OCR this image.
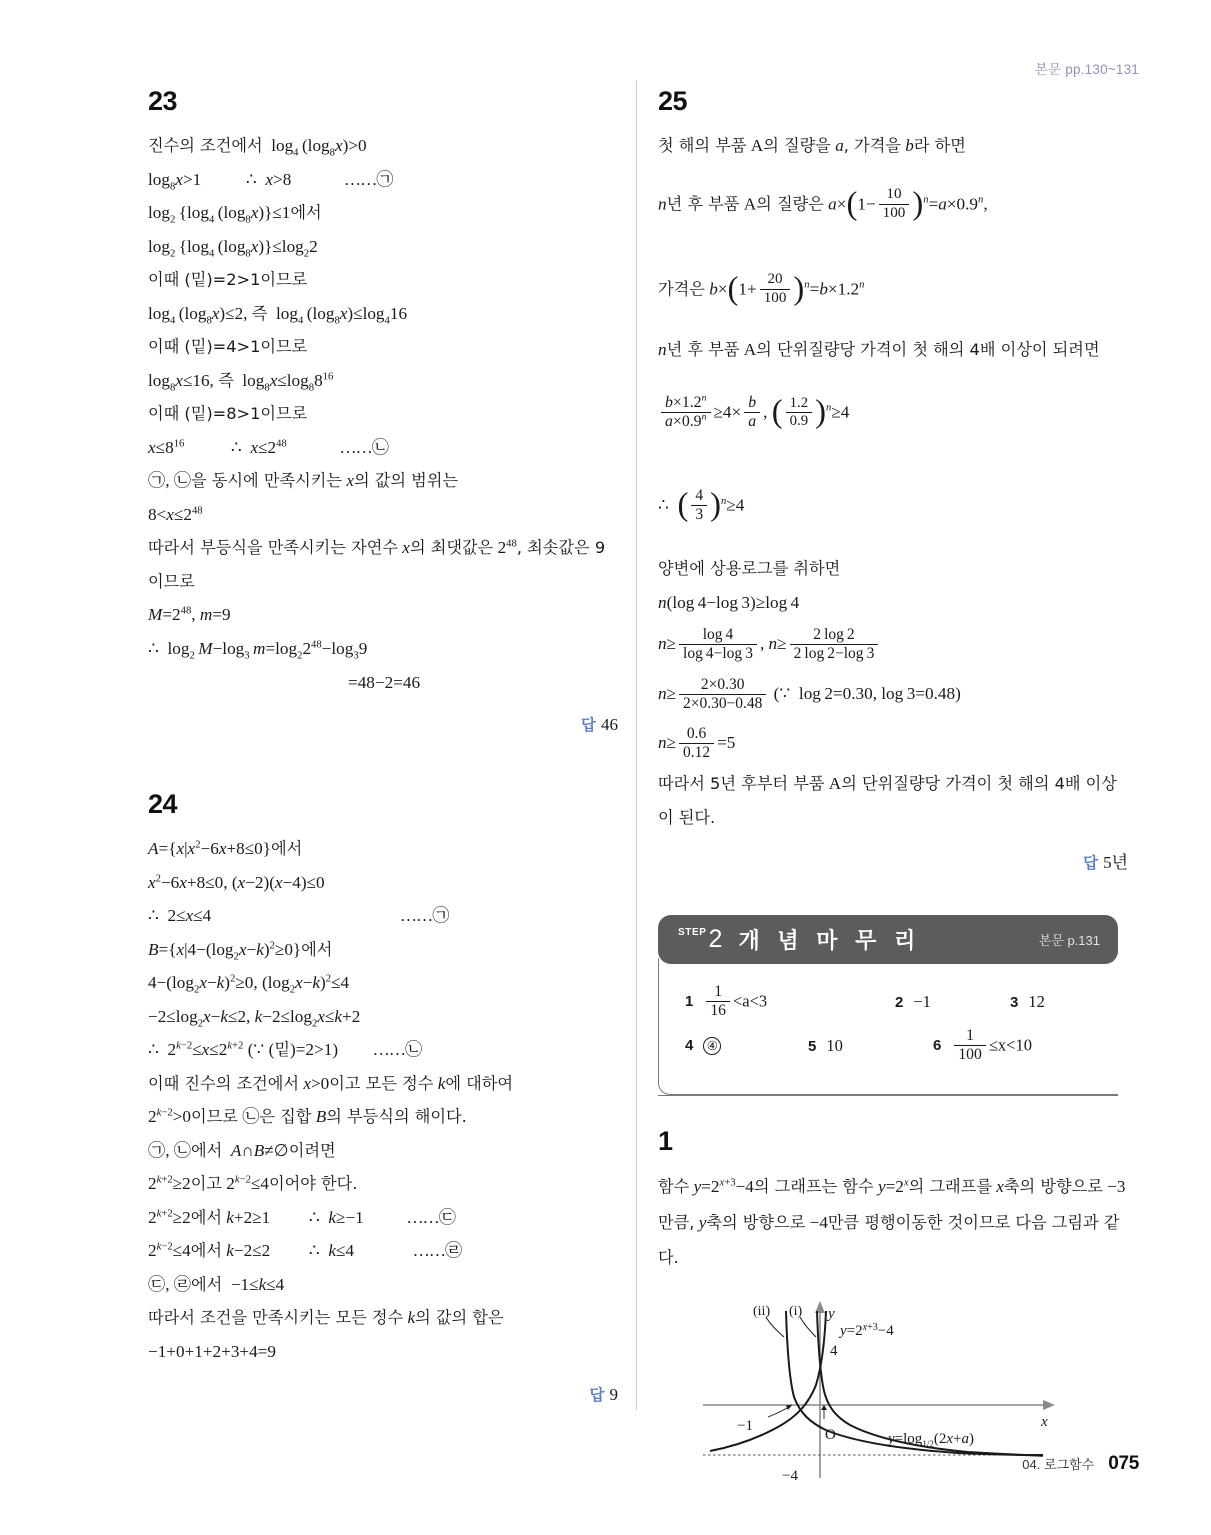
본문 pp.130~131
23
진수의 조건에서 $\log_4 (\log_8x)>0$
$\log_8x>1$  ∴  x>8	……㉠
$\log_2 \{\log_4$ $(\log_8x)\}\le 1$에서
$\log_2 \{\log_4$ $(\log_8x)\}\le\log_22$
이때 (밑)=2>1이므로
$\log_4 (\log_8x)\le 2$, 즉 $\log_4 (\log_8x)\le\log_416$
이때 (밑)=4>1이므로
$\log_8x\le 16$, 즉 $\log_8x\le\log_88^{16}$
이때 (밑)=8>1이므로
$x\le 8^{16}$  ∴  $x\le 2^{48}$	……㉡
㉠, ㉡을 동시에 만족시키는 x의 값의 범위는
$8<x\le 2^{48}$
따라서 부등식을 만족시키는 자연수 x의 최댓값은 $2^{48}$, 최솟값은 9이므로
$M=2^{48}$, m=9
∴  $\log_2 M-\log_3$  $m=\log_22^{48}-\log_39$
=48−2=46
답 46
24
$A=\{x|x^2-6x+8\le 0\}$에서
$x^2-6x+8\le 0$, (x−2)(x−4)≤0
∴  2≤x≤4	……㉠
$B=\{x|4-(\log_2x-k)^2\ge 0\}$에서
$4-(\log_2x-k)^2\ge 0$, $(\log_2x-k)^2\le 4$
$-2\le\log_2x-k\le 2$, $k-2\le\log_2x\le k+2$
∴  $2^{k-2}\le x\le 2^{k+2}$ (∵ (밑)=2>1)  ……㉡
이때 진수의 조건에서 x>0이고 모든 정수 k에 대하여
$2^{k-2}>0$이므로 ㉡은 집합 B의 부등식의 해이다.
㉠, ㉡에서 A∩B≠∅이려면
$2^{k+2}\ge 2$이고 $2^{k-2}\le 4$이어야 한다.
$2^{k+2}\ge 2$에서 k+2≥1  ∴  k≥−1  ……㉢
$2^{k-2}\le 4$에서 k−2≤2  ∴  k≤4	……㉣
㉢, ㉣에서  −1≤k≤4
따라서 조건을 만족시키는 모든 정수 k의 값의 합은
−1+0+1+2+3+4=9
답 9
25
첫 해의 부품 A의 질량을 a, 가격을 b라 하면
n년 후 부품 A의 질량은 $a\times(1- \frac{10}{100} )^n=a\times 0.9^n$,
가격은 $b\times(1+ \frac{20}{100} )^n=b\times 1.2^n$
n년 후 부품 A의 단위질량당 가격이 첫 해의 4배 이상이 되려면
$\frac{b\times 1.2^n}{a\times 0.9^n} \ge 4\times \frac{b}{a}$ , ( $\frac{1.2}{0.9} )^n\ge 4$
∴  ( $\frac{4}{3} )^n\ge 4$
양변에 상용로그를 취하면
n(log 4−log 3)≥log 4
$n\ge \frac{\log 4}{\log 4-\log 3}$ , $n\ge \frac{2 \log 2}{2 \log 2-\log 3}$
$n\ge \frac{2\times 0.30}{2\times 0.30-0.48}$ (∵  log 2=0.30, log 3=0.48)
$n\ge \frac{0.6}{0.12} =5$
따라서 5년 후부터 부품 A의 단위질량당 가격이 첫 해의 4배 이상이 된다.
답 5년
STEP 2 개 념 마 무 리	본문 p.131
$1 \frac{1}{16} <a<3$	2 −1	3 12
4 ④	5 10	$6 \frac{1}{100} \le x<10$
1
함수 $y=2^{x+3}-4$의 그래프는 함수 $y=2^x$의 그래프를 x축의 방향으로 −3만큼, y축의 방향으로 −4만큼 평행이동한 것이므로 다음 그림과 같다.
(ii) (i) y
$y=2^x+3-4$
4
x
−1
O
−4
$y=\log_{1/2}(2x+a)$
04. 로그함수 075
